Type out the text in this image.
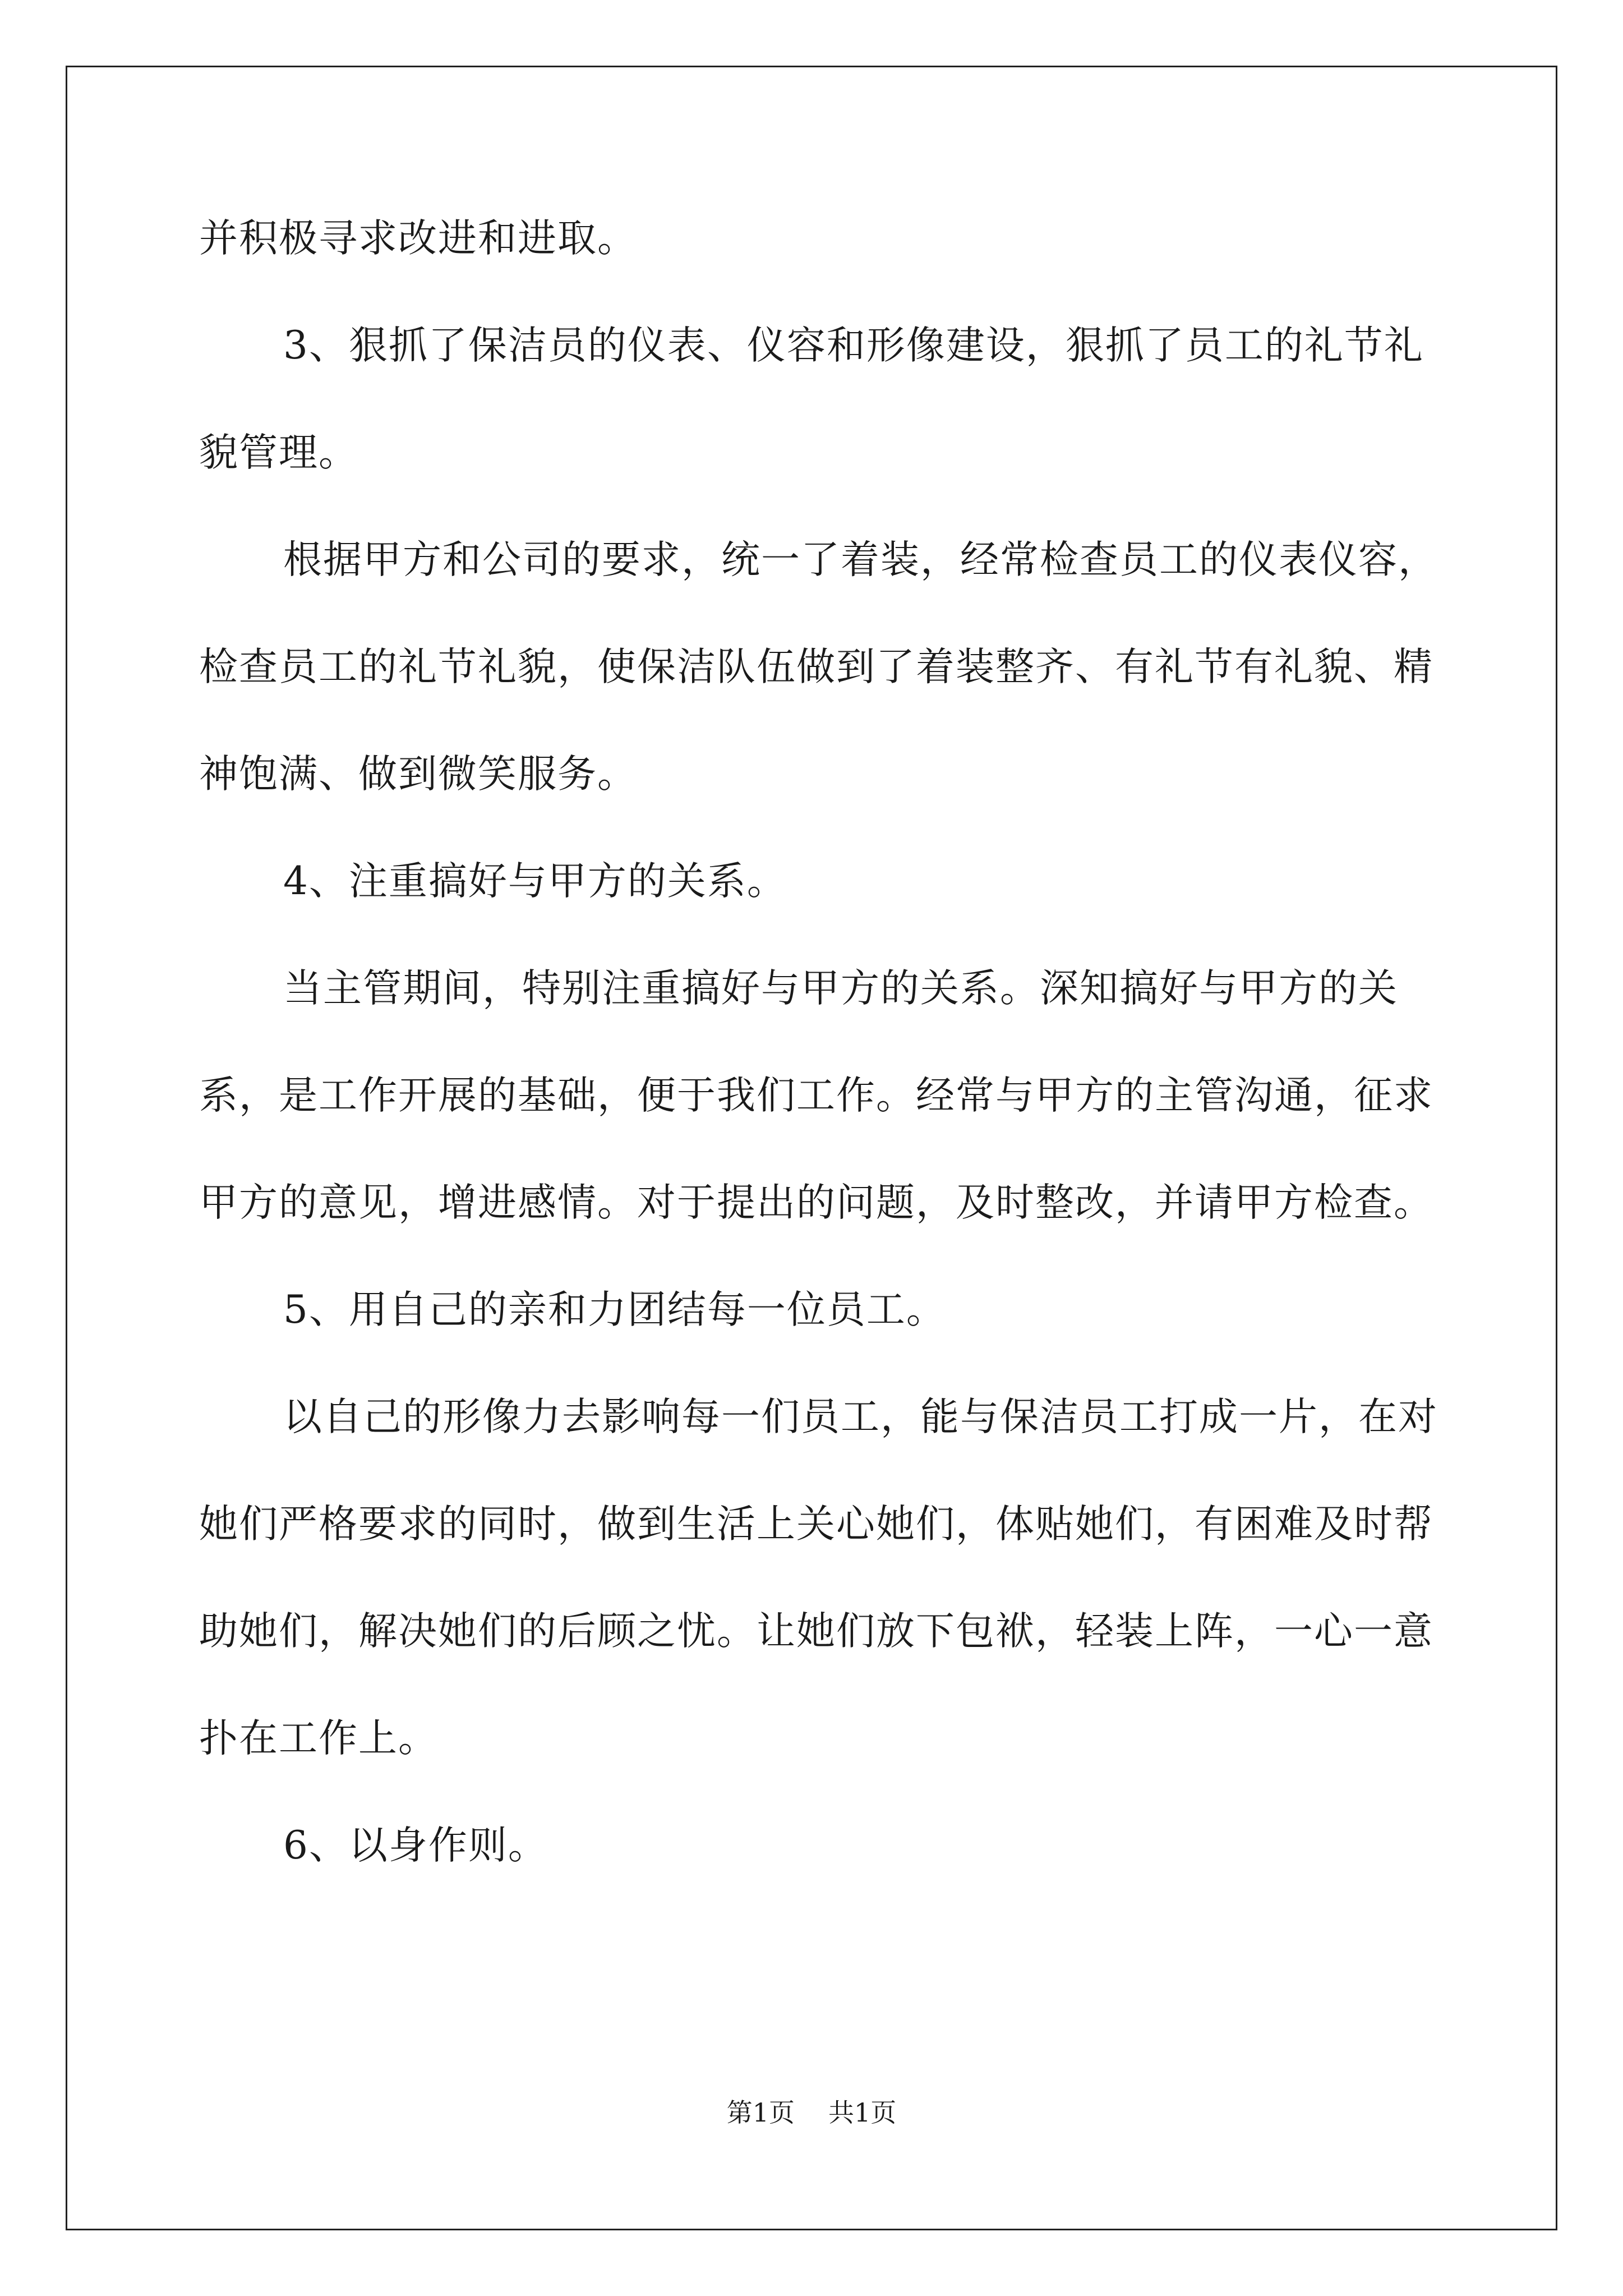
并积极寻求改进和进取。

3、狠抓了保洁员的仪表、仪容和形像建设，狠抓了员工的礼节礼貌管理。

根据甲方和公司的要求，统一了着装，经常检查员工的仪表仪容，检查员工的礼节礼貌，使保洁队伍做到了着装整齐、有礼节有礼貌、精神饱满、做到微笑服务。

4、注重搞好与甲方的关系。

当主管期间，特别注重搞好与甲方的关系。深知搞好与甲方的关系，是工作开展的基础，便于我们工作。经常与甲方的主管沟通，征求甲方的意见，增进感情。对于提出的问题，及时整改，并请甲方检查。

5、用自己的亲和力团结每一位员工。

以自己的形像力去影响每一们员工，能与保洁员工打成一片，在对她们严格要求的同时，做到生活上关心她们，体贴她们，有困难及时帮助她们，解决她们的后顾之忧。让她们放下包袱，轻装上阵，一心一意扑在工作上。

6、以身作则。

第1页 共1页
